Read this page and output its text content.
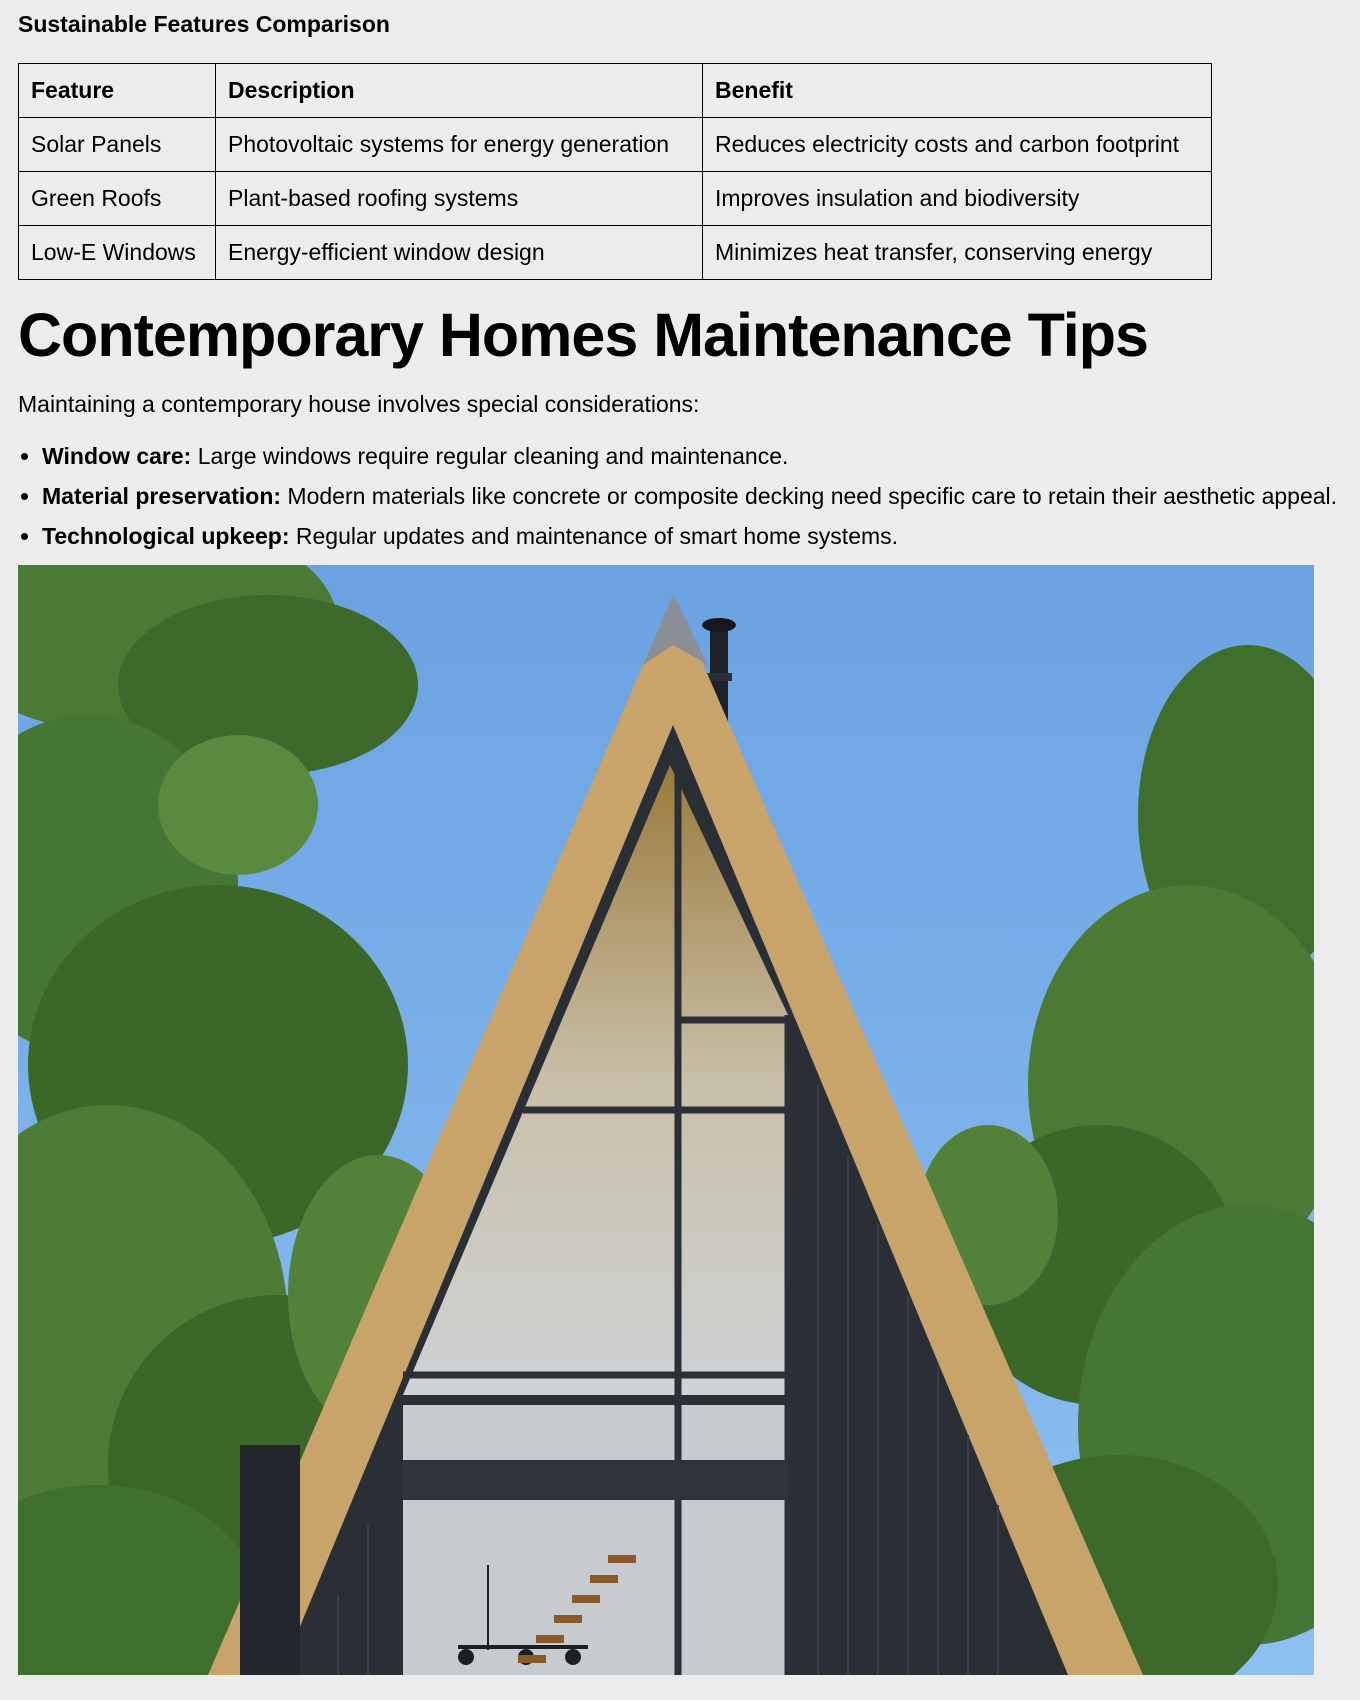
Sustainable Features Comparison
Feature	Description	Benefit
Solar Panels	Photovoltaic systems for energy generation	Reduces electricity costs and carbon footprint
Green Roofs	Plant-based roofing systems	Improves insulation and biodiversity
Low-E Windows	Energy-efficient window design	Minimizes heat transfer, conserving energy
Contemporary Homes Maintenance Tips

Maintaining a contemporary house involves special considerations:

• Window care: Large windows require regular cleaning and maintenance.
• Material preservation: Modern materials like concrete or composite decking need specific care to retain their aesthetic appeal.
• Technological upkeep: Regular updates and maintenance of smart home systems.
